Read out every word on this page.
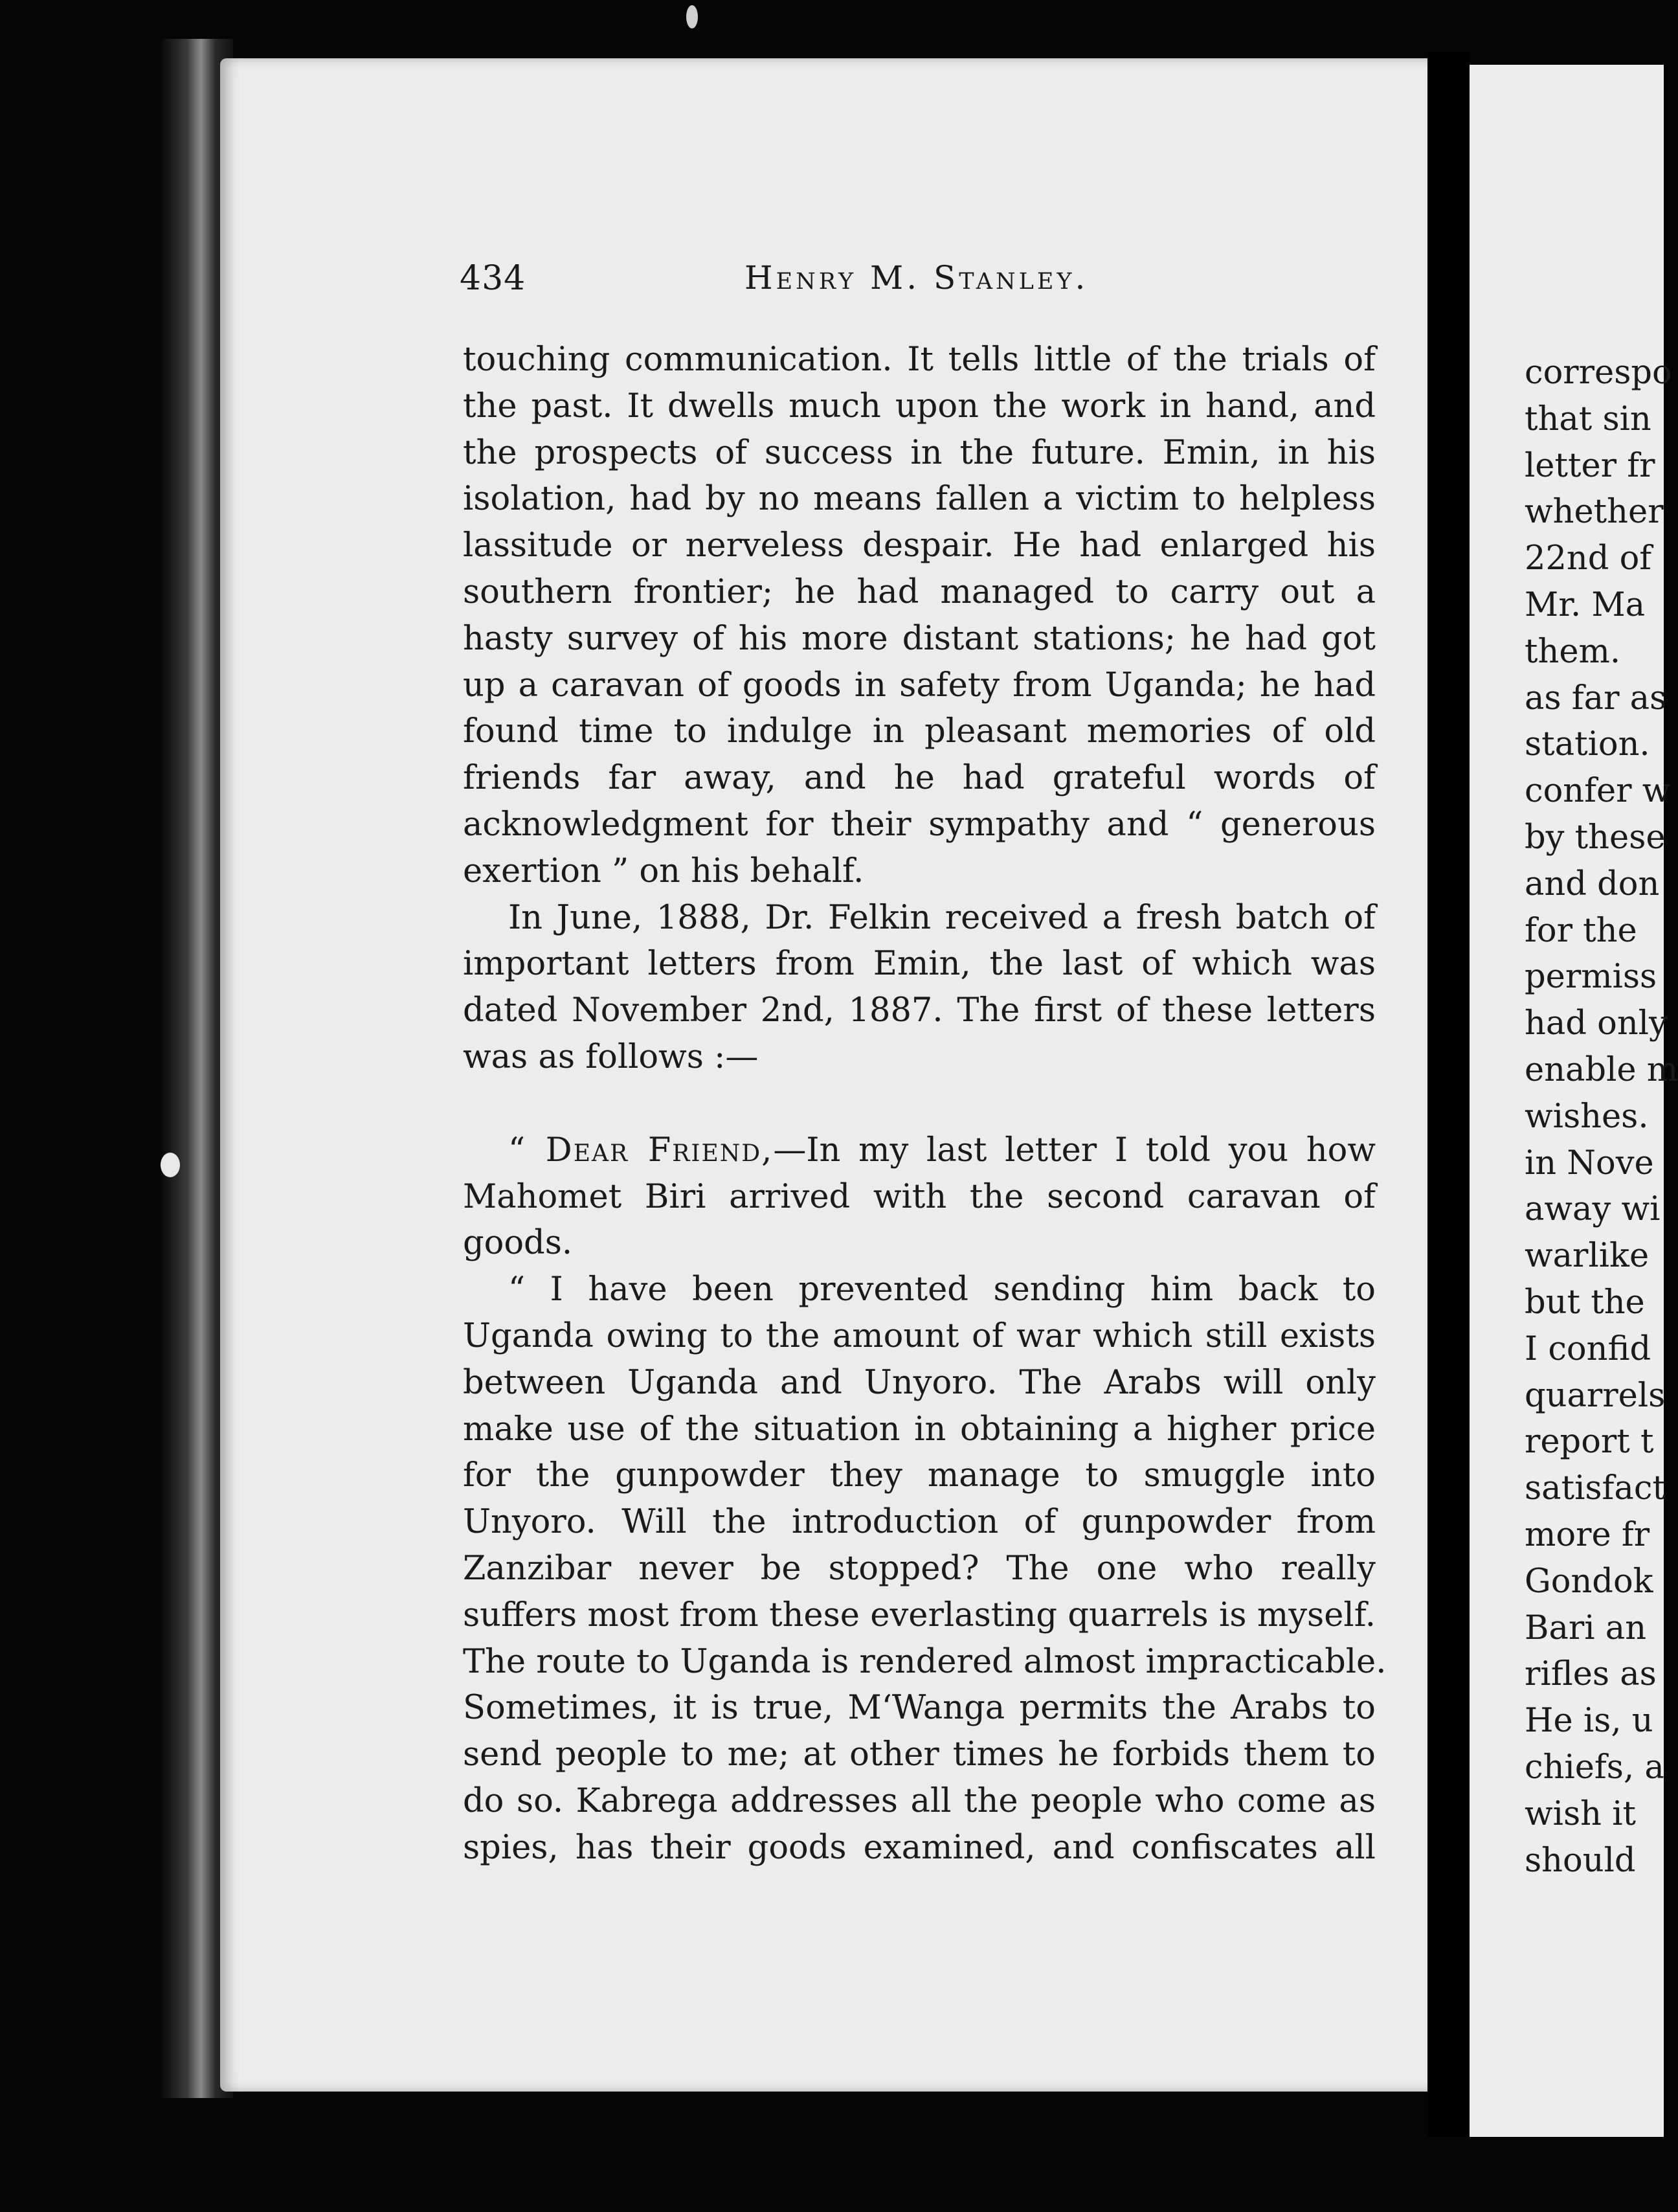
434	Henry M. Stanley.
touching communication. It tells little of the trials of
the past. It dwells much upon the work in hand, and
the prospects of success in the future. Emin, in his
isolation, had by no means fallen a victim to helpless
lassitude or nerveless despair. He had enlarged his
southern frontier; he had managed to carry out a
hasty survey of his more distant stations; he had got
up a caravan of goods in safety from Uganda; he had
found time to indulge in pleasant memories of old
friends far away, and he had grateful words of
acknowledgment for their sympathy and “ generous
exertion ” on his behalf.
In June, 1888, Dr. Felkin received a fresh batch of
important letters from Emin, the last of which was
dated November 2nd, 1887. The first of these letters
was as follows :—
“ Dear Friend,—In my last letter I told you how
Mahomet Biri arrived with the second caravan of
goods.
“ I have been prevented sending him back to
Uganda owing to the amount of war which still exists
between Uganda and Unyoro. The Arabs will only
make use of the situation in obtaining a higher price
for the gunpowder they manage to smuggle into
Unyoro. Will the introduction of gunpowder from
Zanzibar never be stopped? The one who really
suffers most from these everlasting quarrels is myself.
The route to Uganda is rendered almost impracticable.
Sometimes, it is true, M‘Wanga permits the Arabs to
send people to me; at other times he forbids them to
do so. Kabrega addresses all the people who come as
spies, has their goods examined, and confiscates all
correspo
that sin
letter fr
whether
22nd of
Mr. Ma
them.
as far as
station.
confer w
by these
and don
for the
permiss
had only
enable m
wishes.
in Nove
away wi
warlike
but the
I confid
quarrels
report t
satisfact
more fr
Gondok
Bari an
rifles as
He is, u
chiefs, a
wish it
should
